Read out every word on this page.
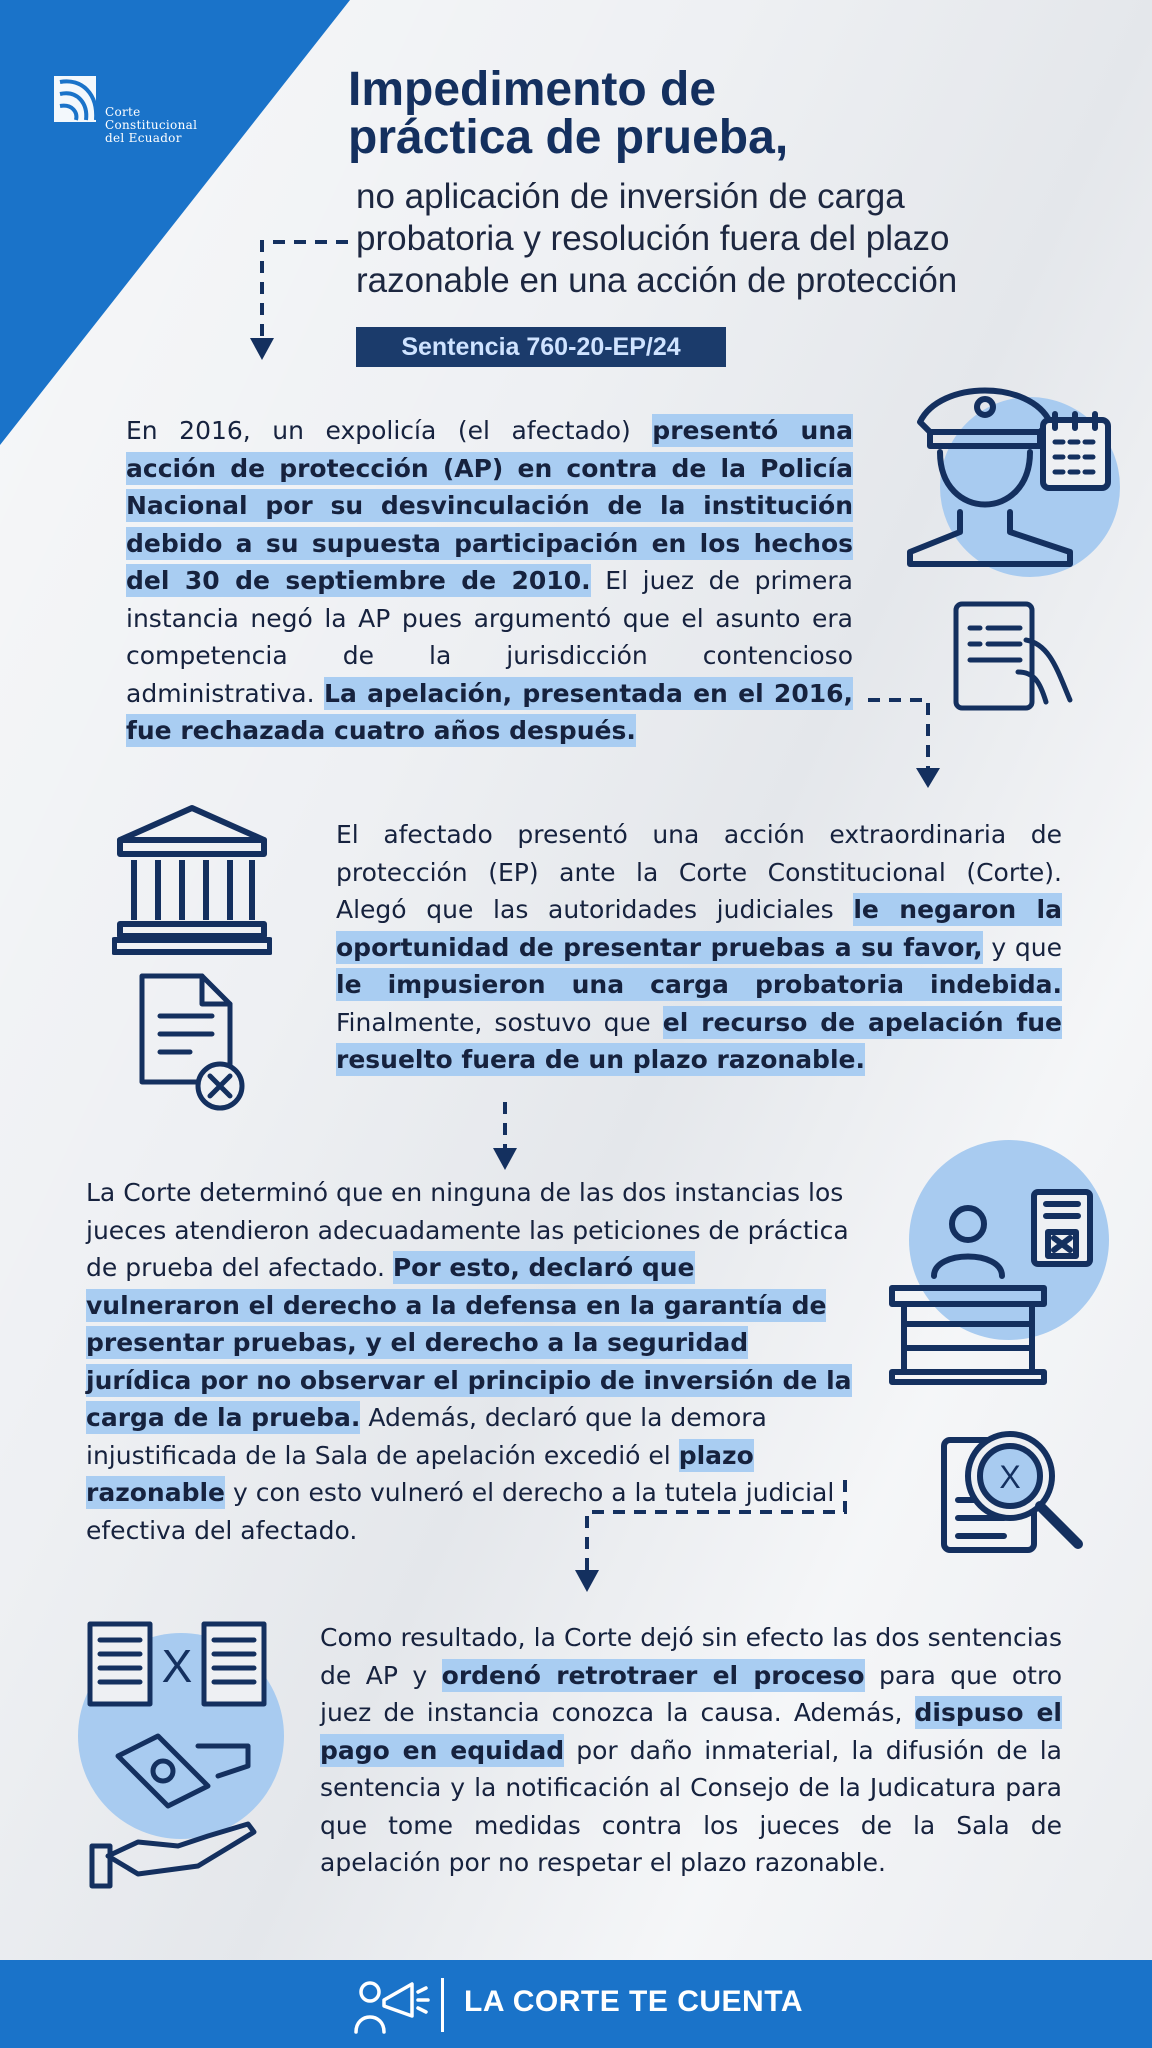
Corte
Constitucional
del Ecuador
Impedimento de
práctica de prueba,
no aplicación de inversión de carga probatoria y resolución fuera del plazo razonable en una acción de protección
Sentencia 760-20-EP/24
En 2016, un expolicía (el afectado) presentó una acción de protección (AP) en contra de la Policía Nacional por su desvinculación de la institución debido a su supuesta participación en los hechos del 30 de septiembre de 2010. El juez de primera instancia negó la AP pues argumentó que el asunto era competencia de la jurisdicción contencioso administrativa. La apelación, presentada en el 2016, fue rechazada cuatro años después.
El afectado presentó una acción extraordinaria de protección (EP) ante la Corte Constitucional (Corte). Alegó que las autoridades judiciales le negaron la oportunidad de presentar pruebas a su favor, y que le impusieron una carga probatoria indebida. Finalmente, sostuvo que el recurso de apelación fue resuelto fuera de un plazo razonable.
La Corte determinó que en ninguna de las dos instancias los jueces atendieron adecuadamente las peticiones de práctica de prueba del afectado. Por esto, declaró que vulneraron el derecho a la defensa en la garantía de presentar pruebas, y el derecho a la seguridad jurídica por no observar el principio de inversión de la carga de la prueba. Además, declaró que la demora injustificada de la Sala de apelación excedió el plazo razonable y con esto vulneró el derecho a la tutela judicial efectiva del afectado.
X
X
Como resultado, la Corte dejó sin efecto las dos sentencias de AP y ordenó retrotraer el proceso para que otro juez de instancia conozca la causa. Además, dispuso el pago en equidad por daño inmaterial, la difusión de la sentencia y la notificación al Consejo de la Judicatura para que tome medidas contra los jueces de la Sala de apelación por no respetar el plazo razonable.
LA CORTE TE CUENTA
